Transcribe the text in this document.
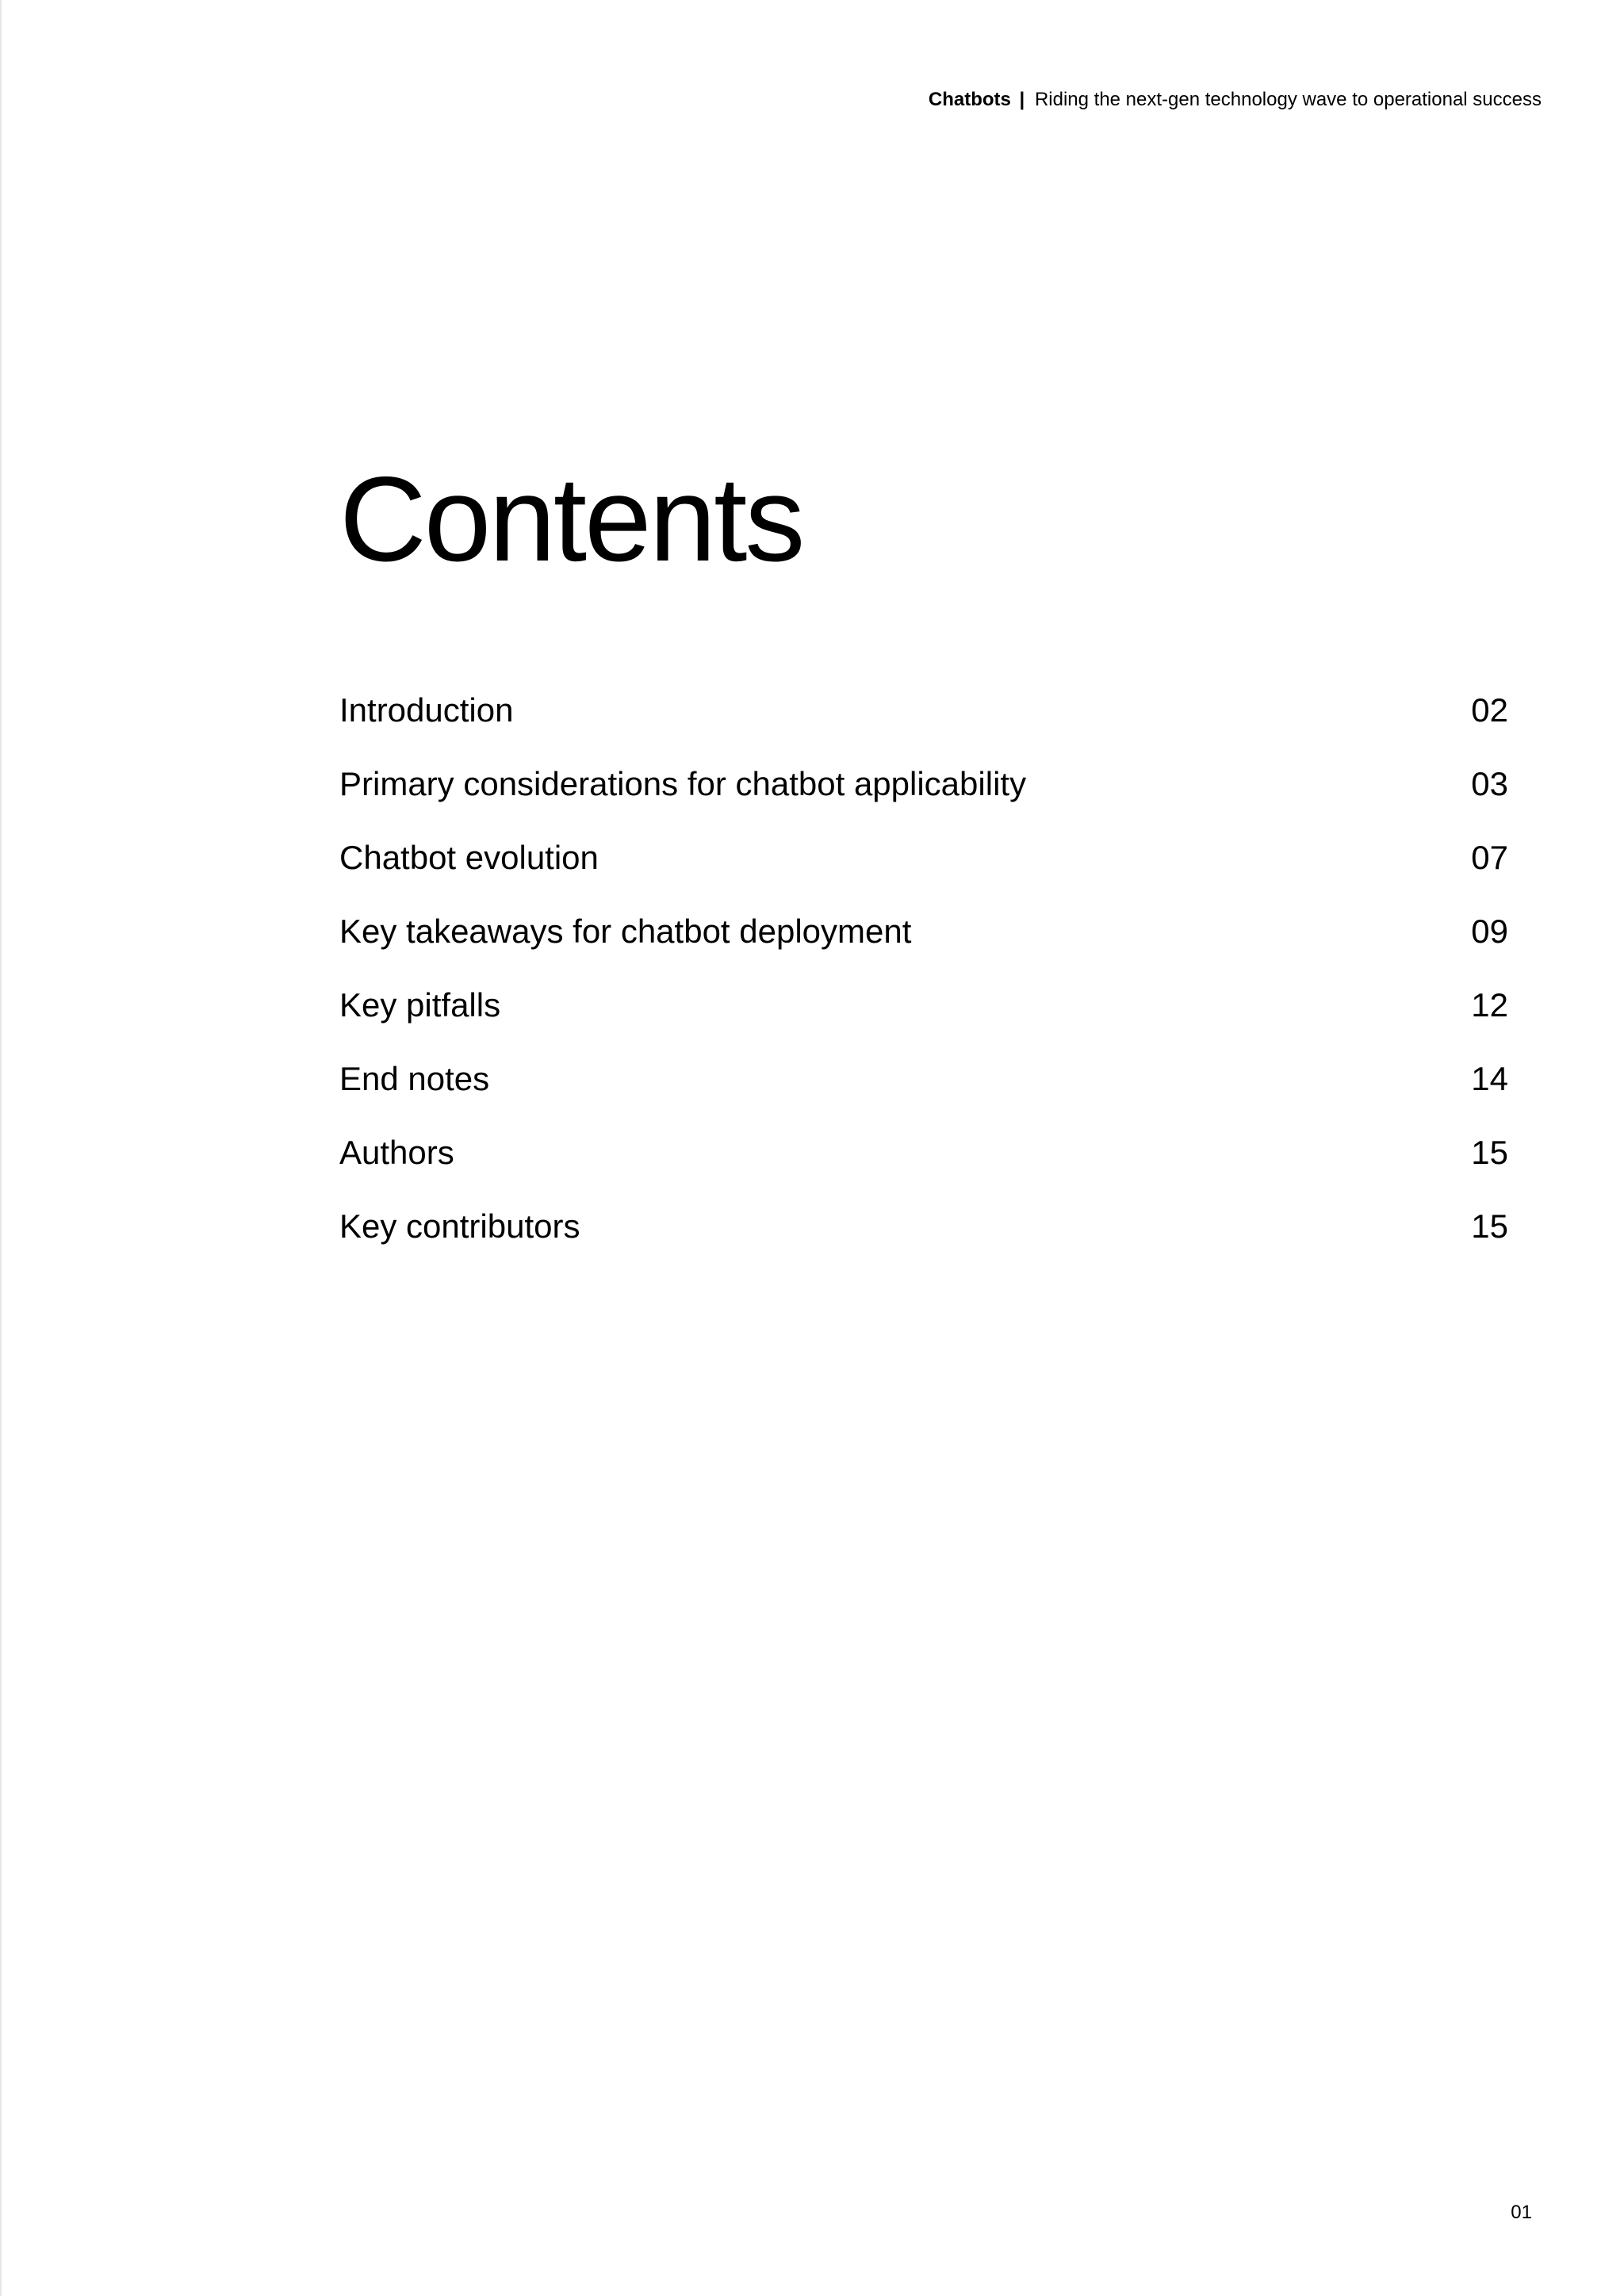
Chatbots | Riding the next-gen technology wave to operational success
Contents
Introduction	02
Primary considerations for chatbot applicability	03
Chatbot evolution	07
Key takeaways for chatbot deployment	09
Key pitfalls	12
End notes	14
Authors	15
Key contributors	15
01
